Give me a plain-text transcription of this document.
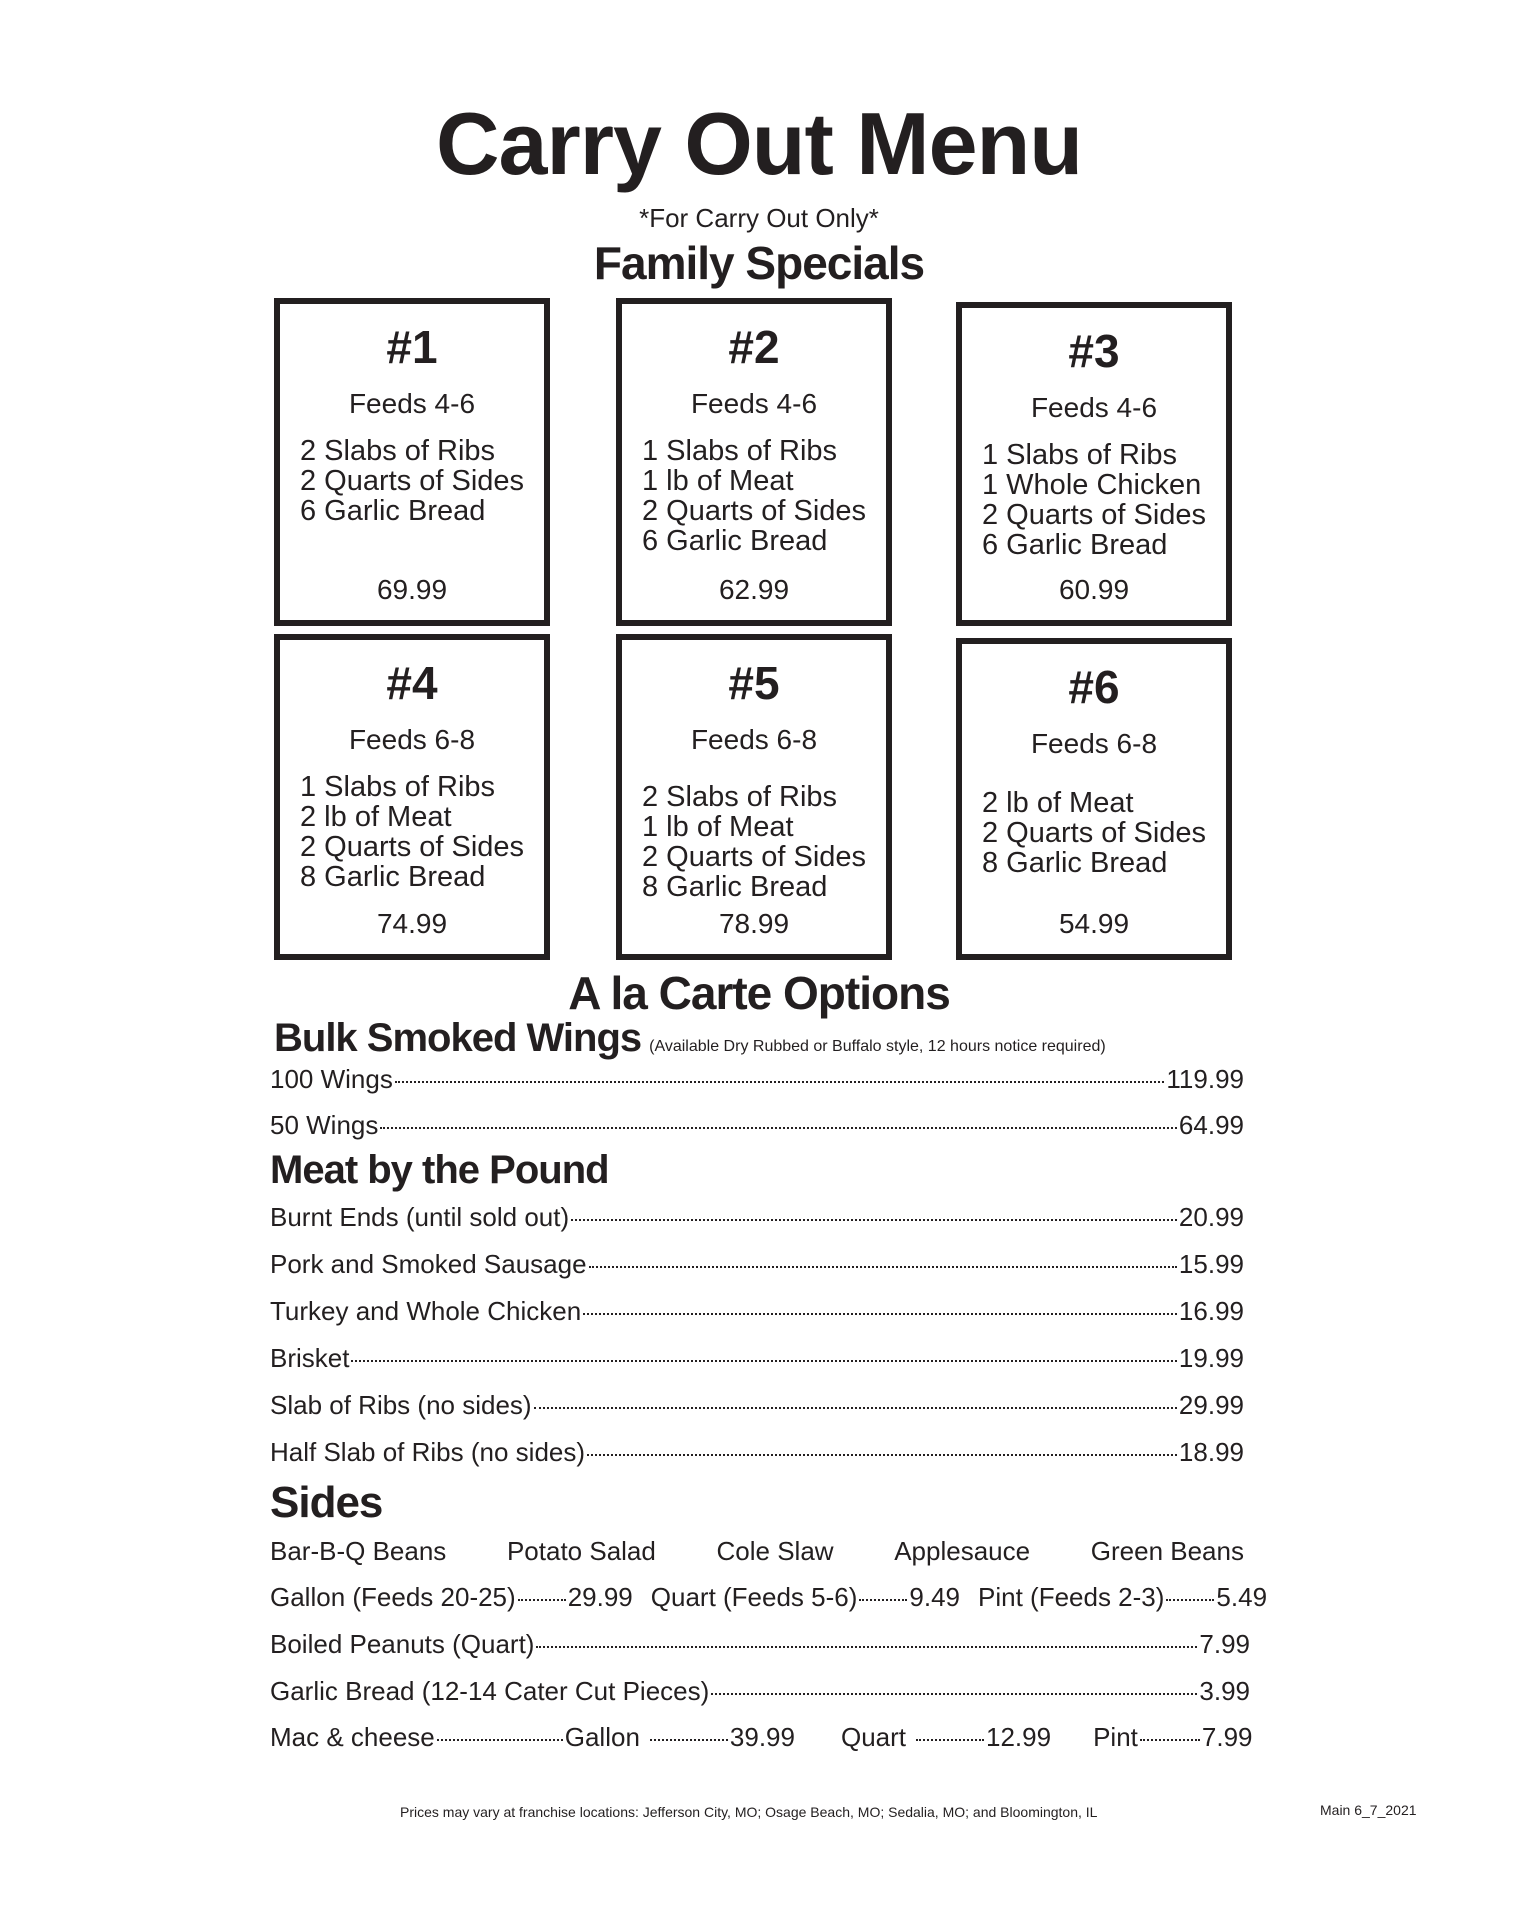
Carry Out Menu
*For Carry Out Only*
Family Specials
#1
Feeds 4-6
2 Slabs of Ribs
2 Quarts of Sides
6 Garlic Bread
69.99
#2
Feeds 4-6
1 Slabs of Ribs
1 lb of Meat
2 Quarts of Sides
6 Garlic Bread
62.99
#3
Feeds 4-6
1 Slabs of Ribs
1 Whole Chicken
2 Quarts of Sides
6 Garlic Bread
60.99
#4
Feeds 6-8
1 Slabs of Ribs
2 lb of Meat
2 Quarts of Sides
8 Garlic Bread
74.99
#5
Feeds 6-8
2 Slabs of Ribs
1 lb of Meat
2 Quarts of Sides
8 Garlic Bread
78.99
#6
Feeds 6-8
2 lb of Meat
2 Quarts of Sides
8 Garlic Bread
54.99
A la Carte Options
Bulk Smoked Wings (Available Dry Rubbed or Buffalo style, 12 hours notice required)
100 Wings	119.99
50 Wings	64.99
Meat by the Pound
Burnt Ends (until sold out)	20.99
Pork and Smoked Sausage	15.99
Turkey and Whole Chicken	16.99
Brisket	19.99
Slab of Ribs (no sides)	29.99
Half Slab of Ribs (no sides)	18.99
Sides
Bar-B-Q Beans Potato Salad Cole Slaw Applesauce Green Beans
Gallon (Feeds 20-25) 29.99 Quart (Feeds 5-6) 9.49 Pint (Feeds 2-3) 5.49
Boiled Peanuts (Quart)	7.99
Garlic Bread (12-14 Cater Cut Pieces)	3.99
Mac & cheese	Gallon	39.99 Quart	12.99 Pint 7.99
Prices may vary at franchise locations: Jefferson City, MO; Osage Beach, MO; Sedalia, MO; and Bloomington, IL	Main 6_7_2021
